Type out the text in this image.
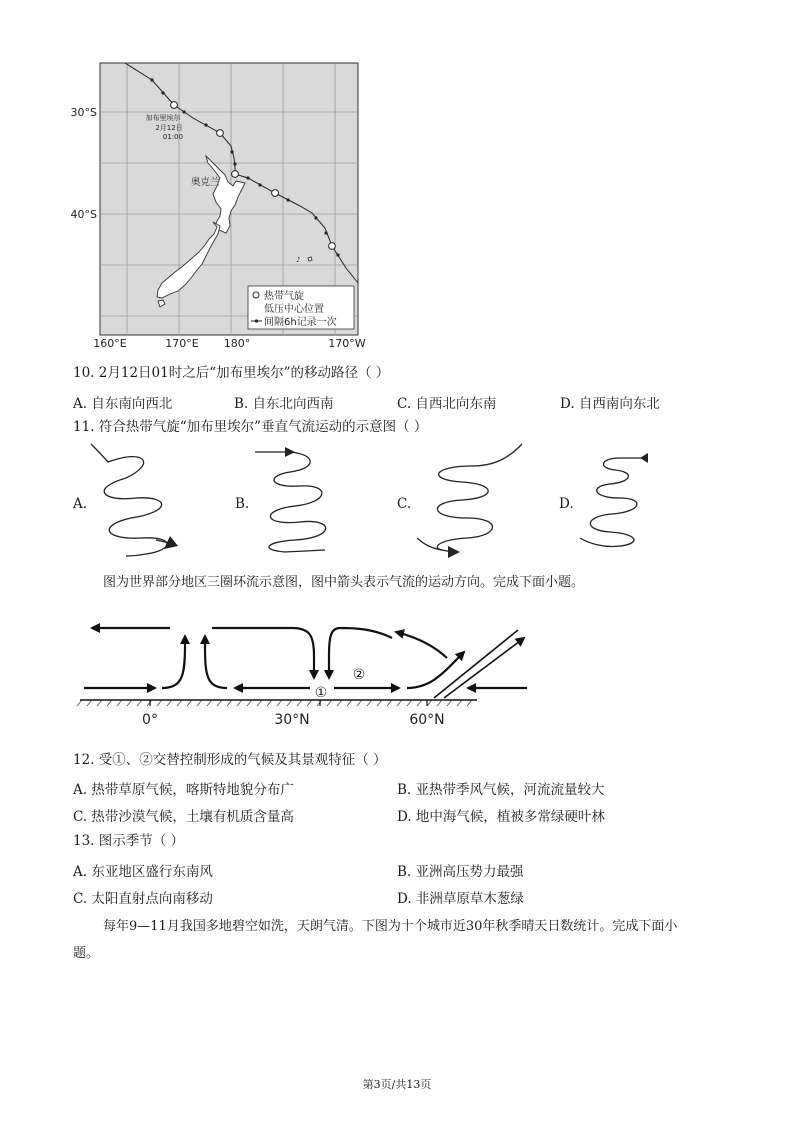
30°S
40°S
160°E	170°E 180°	170°W
加布里埃尔
2月12日
01:00
奥克兰
♪
热带气旋
低压中心位置
间隔6h记录一次
10. 2月12日01时之后“加布里埃尔”的移动路径（ ）
A. 自东南向西北	B. 自东北向西南	C. 自西北向东南	D. 自西南向东北
11. 符合热带气旋“加布里埃尔”垂直气流运动的示意图（ ）
A.	B.	C.	D.
图为世界部分地区三圈环流示意图，图中箭头表示气流的运动方向。完成下面小题。
①
②
0°	30°N	60°N
12. 受①、②交替控制形成的气候及其景观特征（ ）
A. 热带草原气候，喀斯特地貌分布广	B. 亚热带季风气候，河流流量较大
C. 热带沙漠气候，土壤有机质含量高	D. 地中海气候，植被多常绿硬叶林
13. 图示季节（ ）
A. 东亚地区盛行东南风	B. 亚洲高压势力最强
C. 太阳直射点向南移动	D. 非洲草原草木葱绿
每年9—11月我国多地碧空如洗，天朗气清。下图为十个城市近30年秋季晴天日数统计。完成下面小
题。
第3页/共13页
